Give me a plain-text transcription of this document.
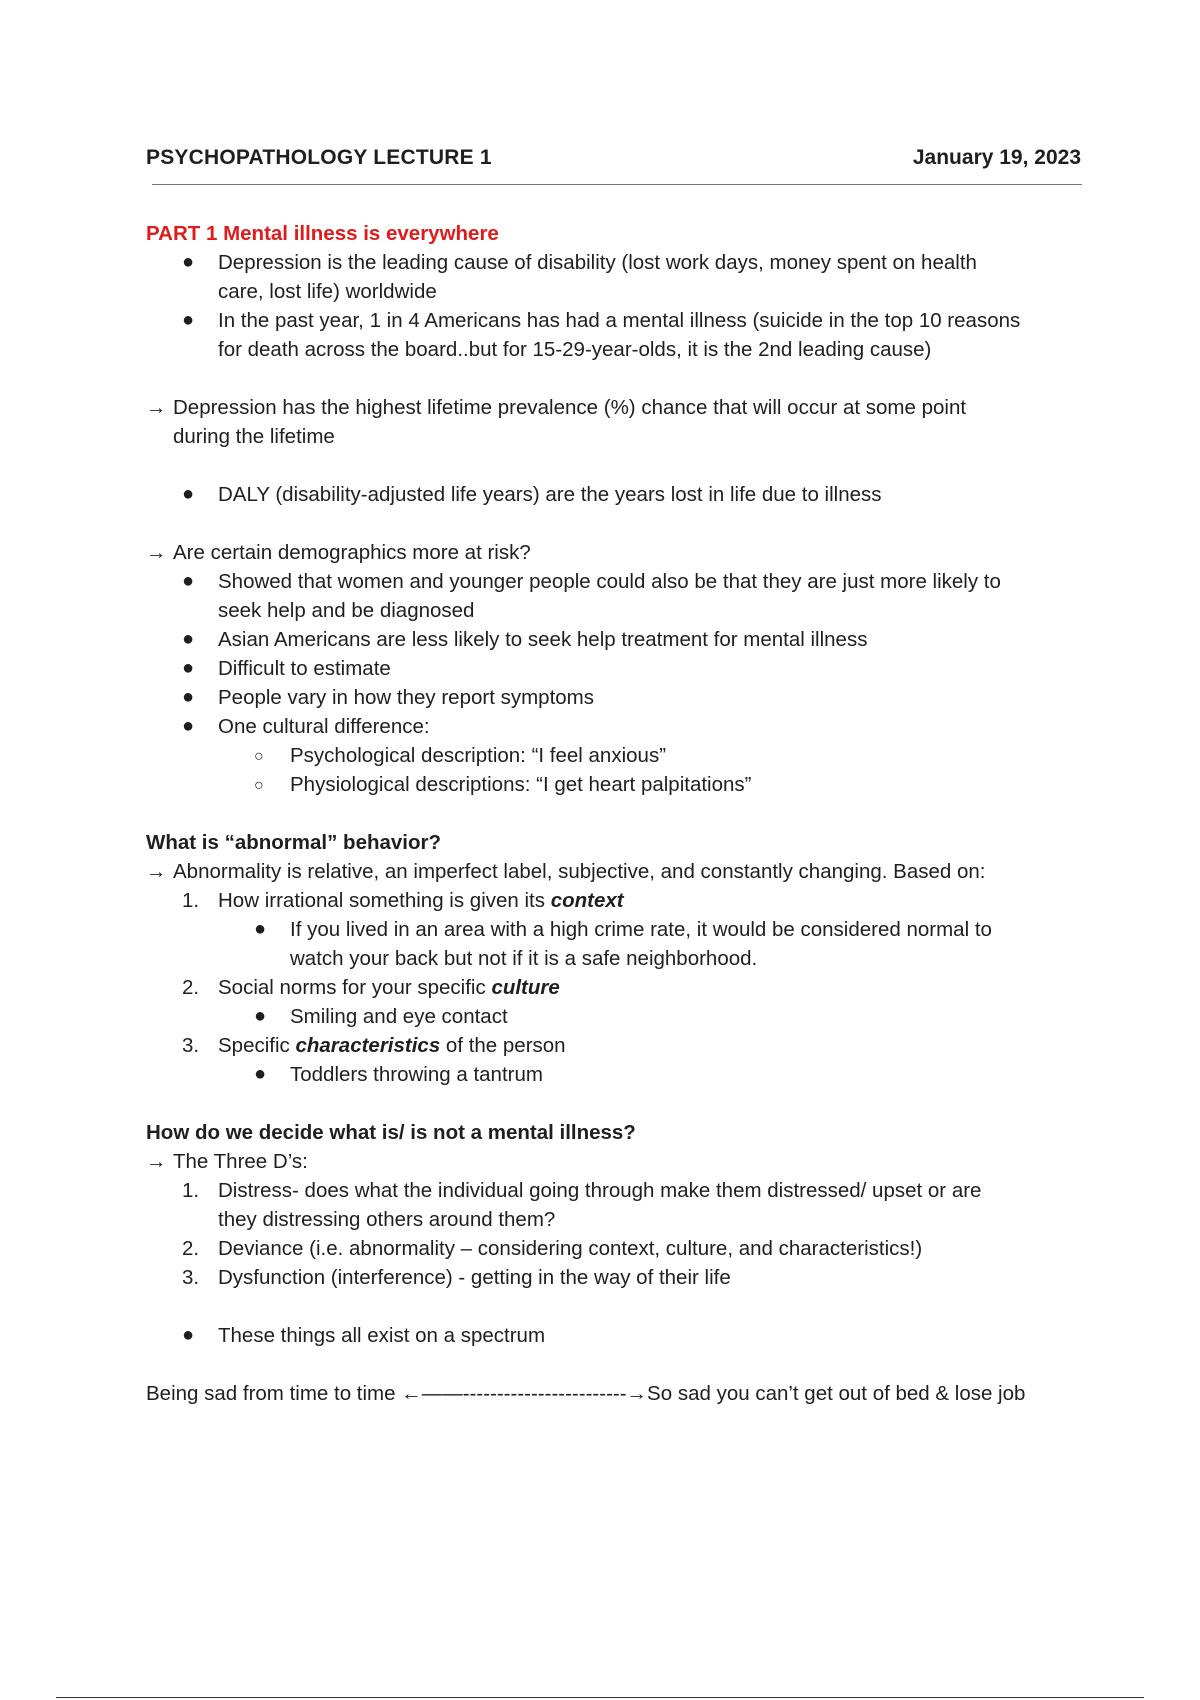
PSYCHOPATHOLOGY LECTURE 1	January 19, 2023
PART 1 Mental illness is everywhere
● Depression is the leading cause of disability (lost work days, money spent on health
care, lost life) worldwide
● In the past year, 1 in 4 Americans has had a mental illness (suicide in the top 10 reasons
for death across the board..but for 15-29-year-olds, it is the 2nd leading cause)
→ Depression has the highest lifetime prevalence (%) chance that will occur at some point
during the lifetime
● DALY (disability-adjusted life years) are the years lost in life due to illness
→ Are certain demographics more at risk?
● Showed that women and younger people could also be that they are just more likely to
seek help and be diagnosed
● Asian Americans are less likely to seek help treatment for mental illness
● Difficult to estimate
● People vary in how they report symptoms
● One cultural difference:
○ Psychological description: “I feel anxious”
○ Physiological descriptions: “I get heart palpitations”
What is “abnormal” behavior?
→ Abnormality is relative, an imperfect label, subjective, and constantly changing. Based on:
1. How irrational something is given its context
● If you lived in an area with a high crime rate, it would be considered normal to
watch your back but not if it is a safe neighborhood.
2. Social norms for your specific culture
● Smiling and eye contact
3. Specific characteristics of the person
● Toddlers throwing a tantrum
How do we decide what is/ is not a mental illness?
→ The Three D’s:
1. Distress- does what the individual going through make them distressed/ upset or are
they distressing others around them?
2. Deviance (i.e. abnormality – considering context, culture, and characteristics!)
3. Dysfunction (interference) - getting in the way of their life
● These things all exist on a spectrum
Being sad from time to time ←——------------------------→So sad you can’t get out of bed & lose job
